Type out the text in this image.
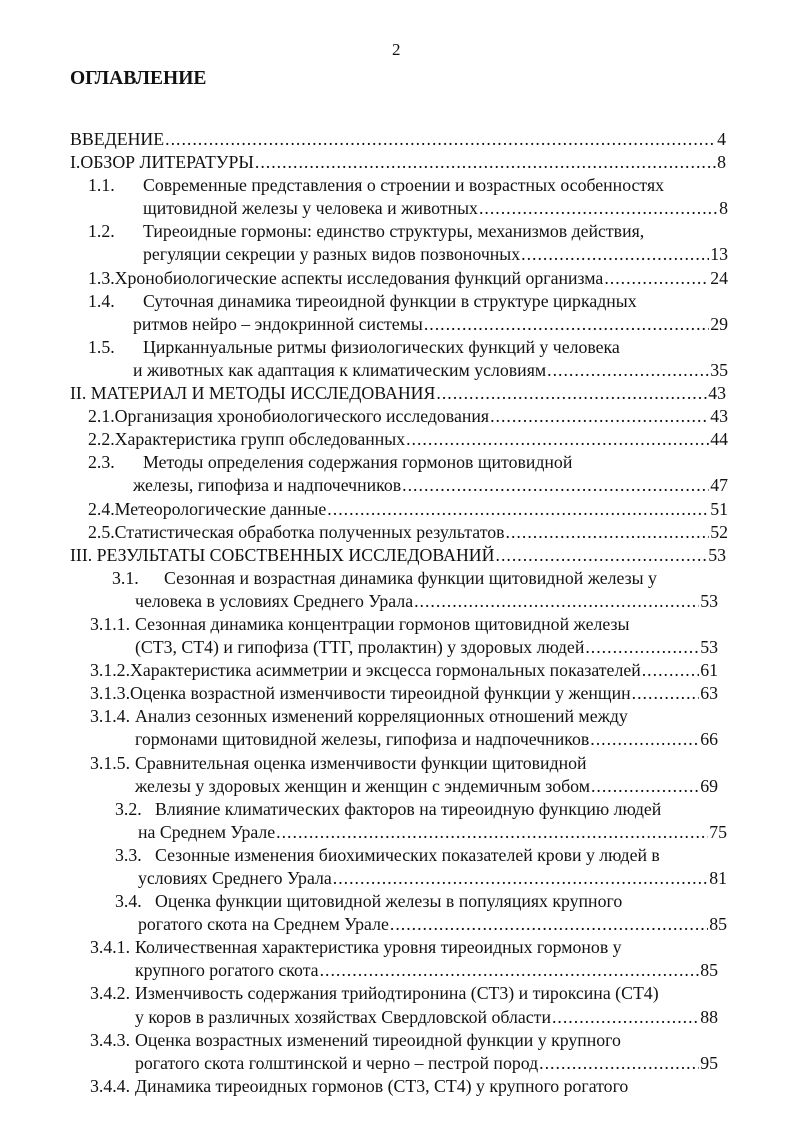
2
ОГЛАВЛЕНИЕ
ВВЕДЕНИЕ .....	4
I.ОБЗОР ЛИТЕРАТУРЫ .....	8
1.1.	Современные представления о строении и возрастных особенностях
щитовидной железы у человека и животных .....	8
1.2.	Тиреоидные гормоны: единство структуры, механизмов действия,
регуляции секреции у разных видов позвоночных .....	13
1.3. Хронобиологические аспекты исследования функций организма .....	24
1.4.	Суточная динамика тиреоидной функции в структуре циркадных
ритмов нейро – эндокринной системы .....	29
1.5.	Цирканнуальные ритмы физиологических функций у человека
и животных как адаптация к климатическим условиям .....	35
II. МАТЕРИАЛ И МЕТОДЫ ИССЛЕДОВАНИЯ .....	43
2.1. Организация хронобиологического исследования .....	43
2.2. Характеристика групп обследованных .....	44
2.3.	Методы определения содержания гормонов щитовидной
железы, гипофиза и надпочечников .....	47
2.4. Метеорологические данные .....	51
2.5. Статистическая обработка полученных результатов .....	52
III. РЕЗУЛЬТАТЫ СОБСТВЕННЫХ ИССЛЕДОВАНИЙ .....	53
3.1.	Сезонная и возрастная динамика функции щитовидной железы у
человека в условиях Среднего Урала .....	53
3.1.1. Сезонная динамика концентрации гормонов щитовидной железы
(СТ3, СТ4) и гипофиза (ТТГ, пролактин) у здоровых людей .....	53
3.1.2. Характеристика асимметрии и эксцесса гормональных показателей .....	61
3.1.3. Оценка возрастной изменчивости тиреоидной функции у женщин .....	63
3.1.4. Анализ сезонных изменений корреляционных отношений между
гормонами щитовидной железы, гипофиза и надпочечников .....	66
3.1.5. Сравнительная оценка изменчивости функции щитовидной
железы у здоровых женщин и женщин с эндемичным зобом .....	69
3.2. Влияние климатических факторов на тиреоидную функцию людей
на Среднем Урале .....	75
3.3. Сезонные изменения биохимических показателей крови у людей в
условиях Среднего Урала .....	81
3.4. Оценка функции щитовидной железы в популяциях крупного
рогатого скота на Среднем Урале .....	85
3.4.1. Количественная характеристика уровня тиреоидных гормонов у
крупного рогатого скота .....	85
3.4.2. Изменчивость содержания трийодтиронина (СТ3) и тироксина (СТ4)
у коров в различных хозяйствах Свердловской области .....	88
3.4.3. Оценка возрастных изменений тиреоидной функции у крупного
рогатого скота голштинской и черно – пестрой пород .....	95
3.4.4. Динамика тиреоидных гормонов (СТ3, СТ4) у крупного рогатого
